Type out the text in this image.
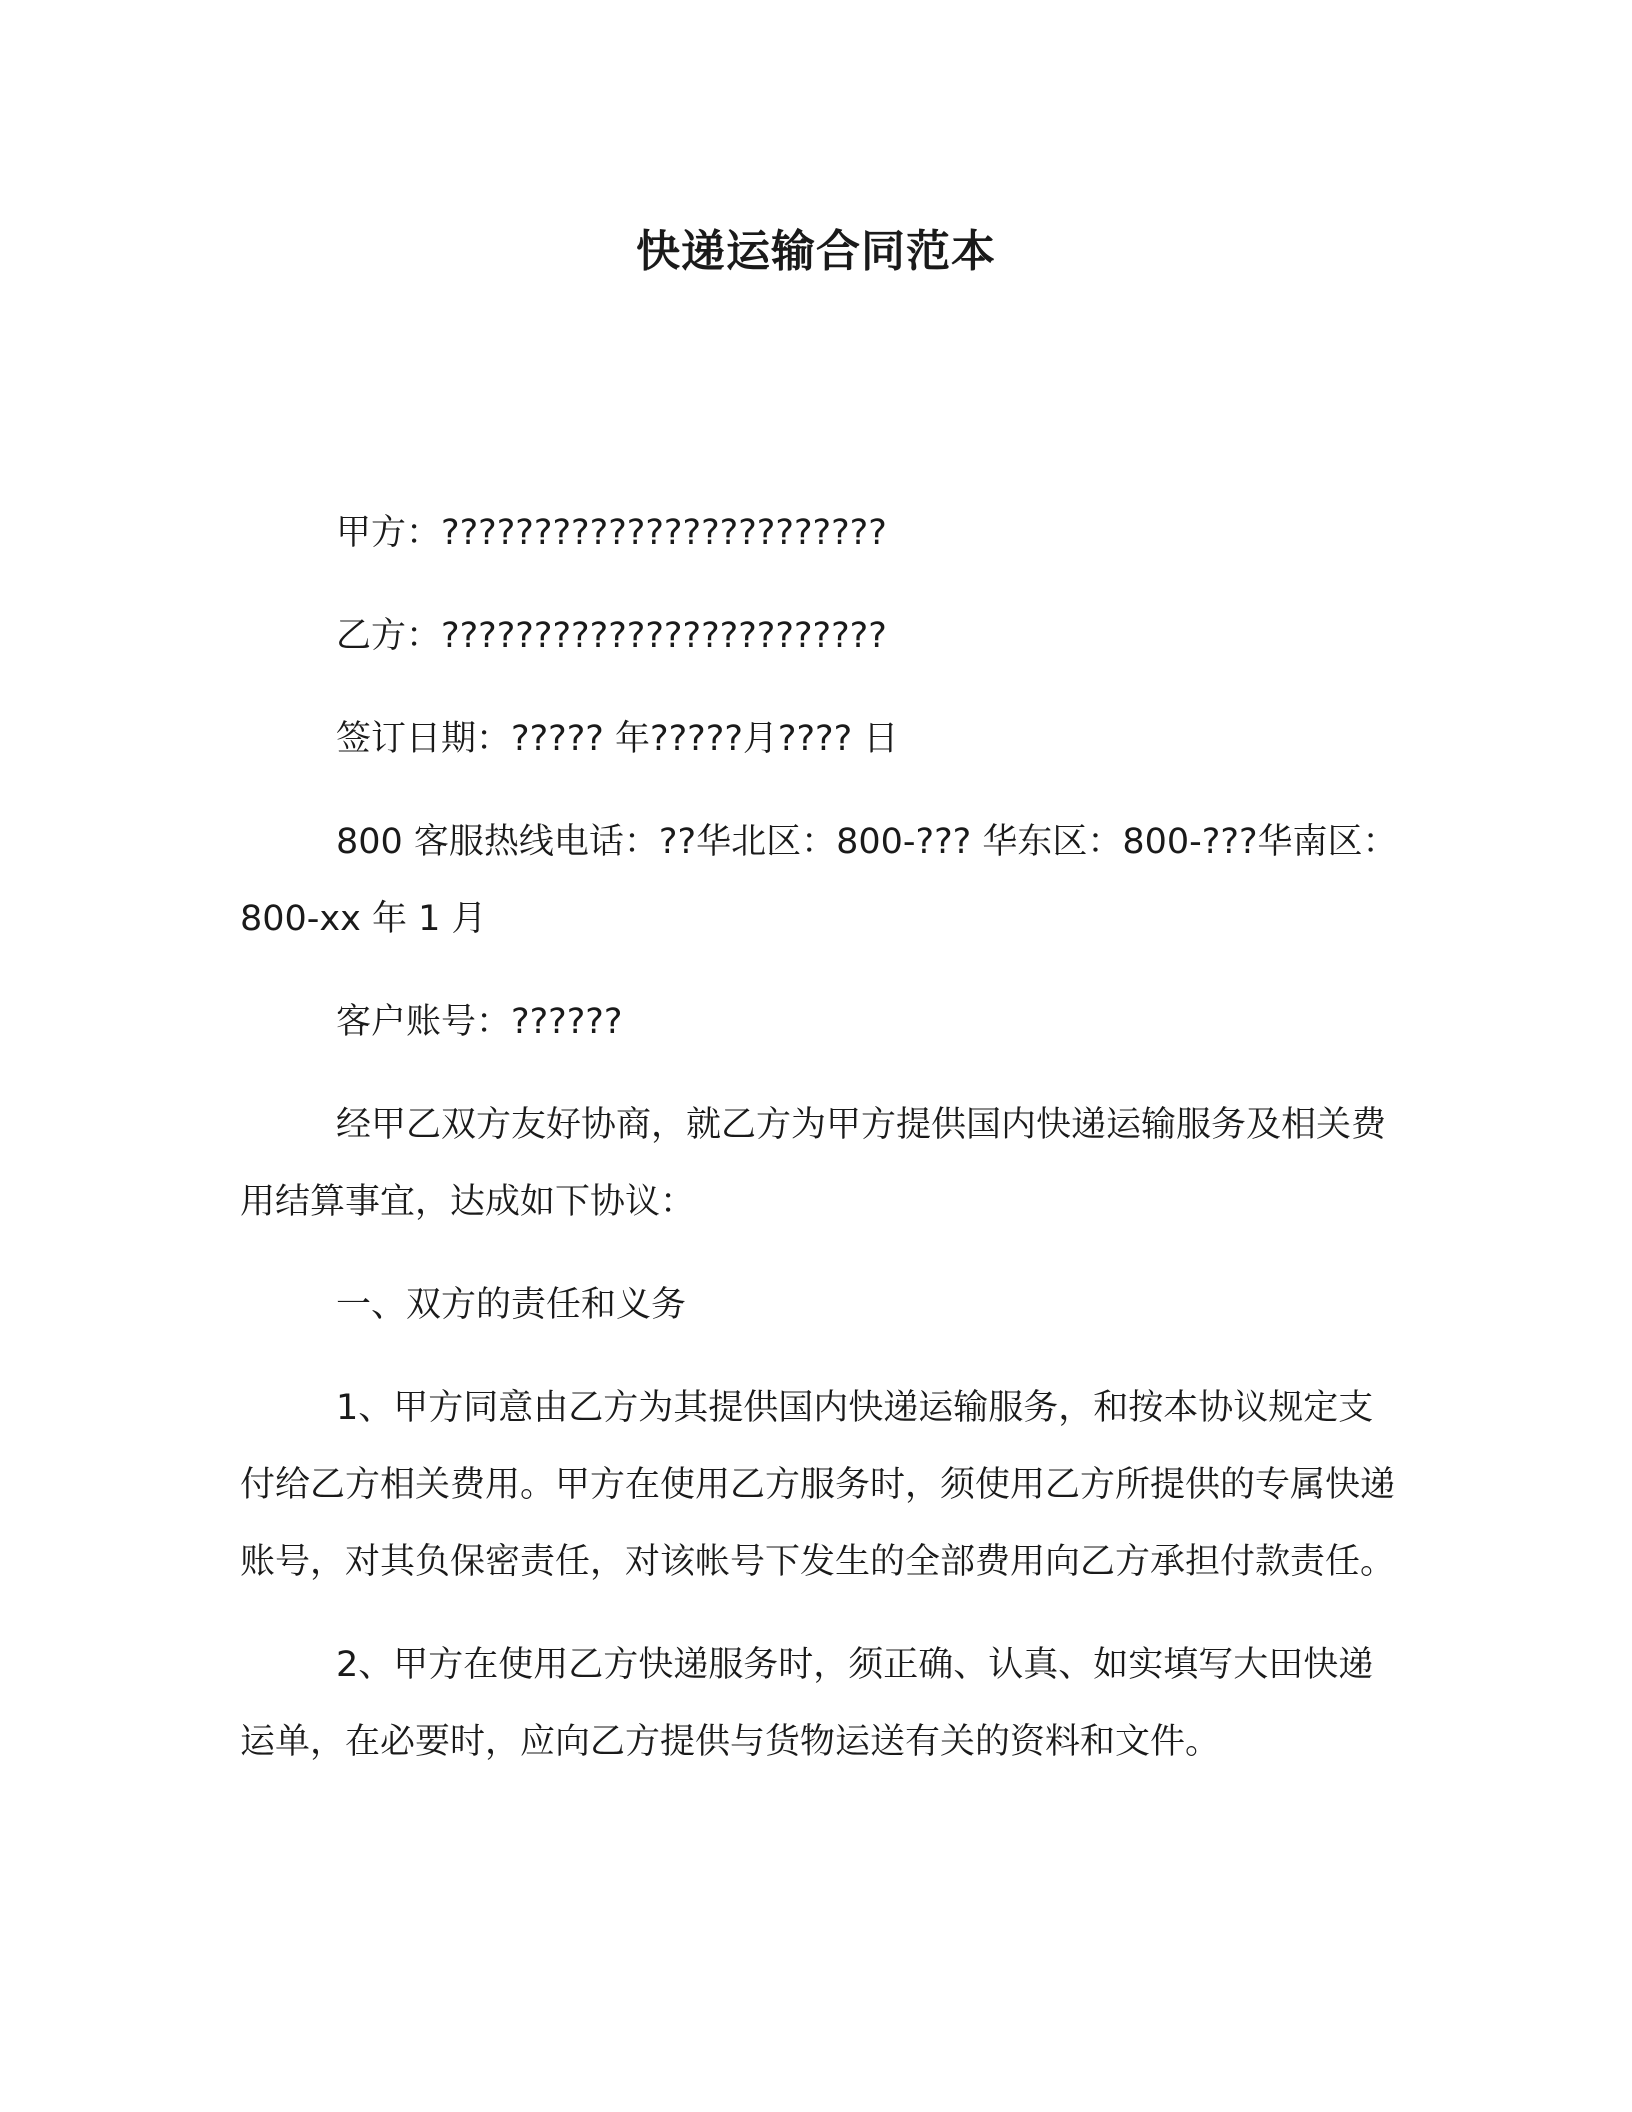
快递运输合同范本

甲方：????????????????????????

乙方：????????????????????????

签订日期：????? 年?????月???? 日

800 客服热线电话：??华北区：800-??? 华东区：800-???华南区：800-xx 年 1 月

客户账号：??????

经甲乙双方友好协商，就乙方为甲方提供国内快递运输服务及相关费用结算事宜，达成如下协议：

一、双方的责任和义务

1、甲方同意由乙方为其提供国内快递运输服务，和按本协议规定支付给乙方相关费用。甲方在使用乙方服务时，须使用乙方所提供的专属快递账号，对其负保密责任，对该帐号下发生的全部费用向乙方承担付款责任。

2、甲方在使用乙方快递服务时，须正确、认真、如实填写大田快递运单，在必要时，应向乙方提供与货物运送有关的资料和文件。
